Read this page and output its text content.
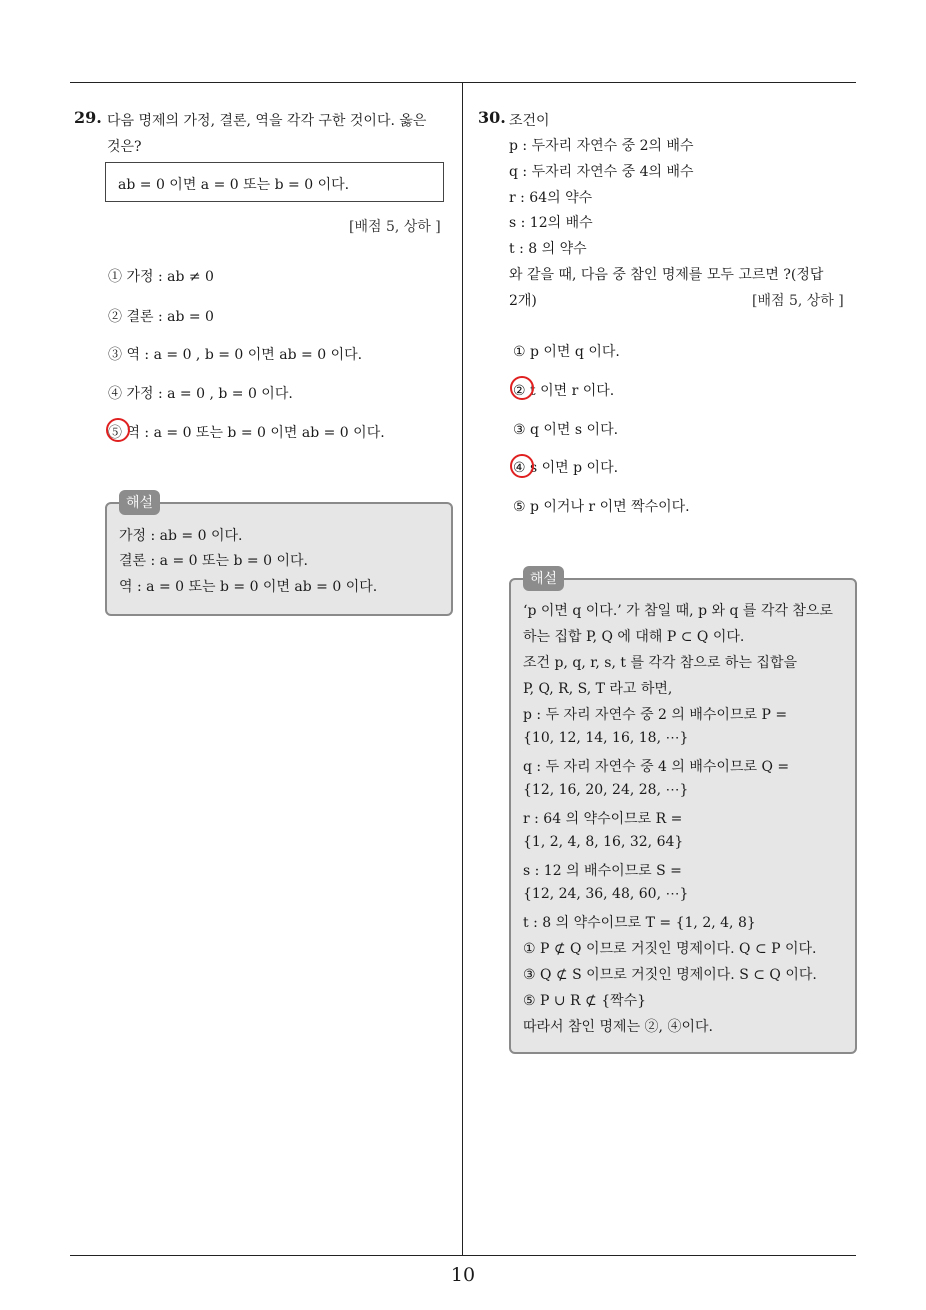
10
29. 다음 명제의 가정, 결론, 역을 각각 구한 것이다. 옳은
것은?
ab = 0 이면 a = 0 또는 b = 0 이다.
[배점 5, 상하 ]
① 가정 : ab ≠ 0
② 결론 : ab = 0
③ 역 : a = 0 , b = 0 이면 ab = 0 이다.
④ 가정 : a = 0 , b = 0 이다.
⑤ 역 : a = 0 또는 b = 0 이면 ab = 0 이다.
가정 : ab = 0 이다.
결론 : a = 0 또는 b = 0 이다.
역 : a = 0 또는 b = 0 이면 ab = 0 이다.
해설
30. 조건이
p : 두자리 자연수 중 2의 배수
q : 두자리 자연수 중 4의 배수
r : 64의 약수
s : 12의 배수
t : 8 의 약수
와 같을 때, 다음 중 참인 명제를 모두 고르면 ?(정답
2개)	[배점 5, 상하 ]
① p 이면 q 이다.
② t 이면 r 이다.
③ q 이면 s 이다.
④ s 이면 p 이다.
⑤ p 이거나 r 이면 짝수이다.
‘p 이면 q 이다.’ 가 참일 때, p 와 q 를 각각 참으로
하는 집합 P, Q 에 대해 P ⊂ Q 이다.
조건 p, q, r, s, t 를 각각 참으로 하는 집합을
P, Q, R, S, T 라고 하면,
p : 두 자리 자연수 중 2 의 배수이므로 P =
{10, 12, 14, 16, 18, ⋯}
q : 두 자리 자연수 중 4 의 배수이므로 Q =
{12, 16, 20, 24, 28, ⋯}
r : 64 의 약수이므로 R =
{1, 2, 4, 8, 16, 32, 64}
s : 12 의 배수이므로 S =
{12, 24, 36, 48, 60, ⋯}
t : 8 의 약수이므로 T = {1, 2, 4, 8}
① P ⊄ Q 이므로 거짓인 명제이다. Q ⊂ P 이다.
③ Q ⊄ S 이므로 거짓인 명제이다. S ⊂ Q 이다.
⑤ P ∪ R ⊄ {짝수}
따라서 참인 명제는 ②, ④이다.
해설
